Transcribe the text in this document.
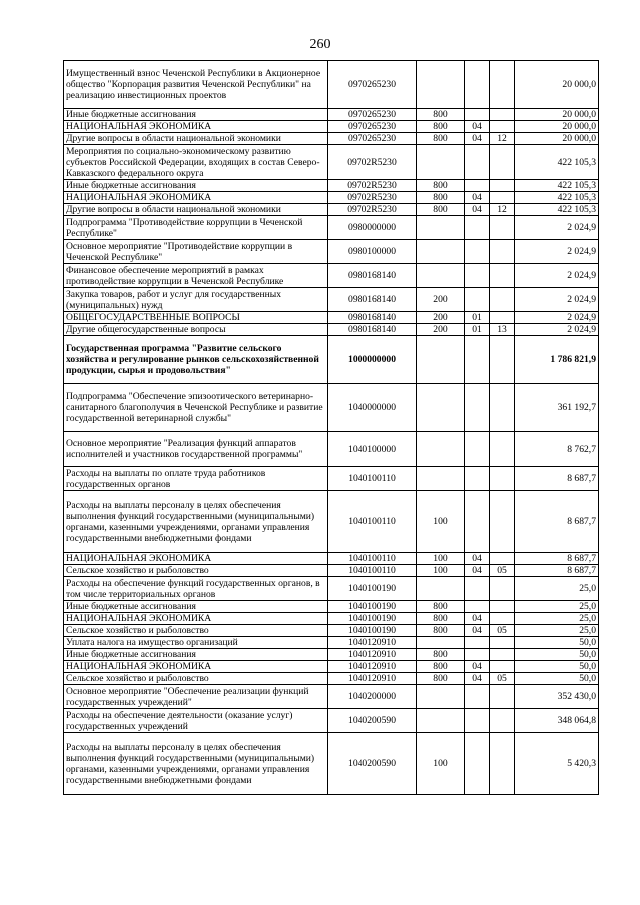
260
Имущественный взнос Чеченской Республики в Акционерное общество "Корпорация развития Чеченской Республики" на реализацию инвестиционных проектов	0970265230				20 000,0
Иные бюджетные ассигнования	0970265230	800			20 000,0
НАЦИОНАЛЬНАЯ ЭКОНОМИКА	0970265230	800	04		20 000,0
Другие вопросы в области национальной экономики	0970265230	800	04	12	20 000,0
Мероприятия по социально-экономическому развитию субъектов Российской Федерации, входящих в состав Северо-Кавказского федерального округа	09702R5230				422 105,3
Иные бюджетные ассигнования	09702R5230	800			422 105,3
НАЦИОНАЛЬНАЯ ЭКОНОМИКА	09702R5230	800	04		422 105,3
Другие вопросы в области национальной экономики	09702R5230	800	04	12	422 105,3
Подпрограмма "Противодействие коррупции в Чеченской Республике"	0980000000				2 024,9
Основное мероприятие "Противодействие коррупции в Чеченской Республике"	0980100000				2 024,9
Финансовое обеспечение мероприятий в рамках противодействие коррупции в Чеченской Республике	0980168140				2 024,9
Закупка товаров, работ и услуг для государственных (муниципальных) нужд	0980168140	200			2 024,9
ОБЩЕГОСУДАРСТВЕННЫЕ ВОПРОСЫ	0980168140	200	01		2 024,9
Другие общегосударственные вопросы	0980168140	200	01	13	2 024,9
Государственная программа "Развитие сельского хозяйства и регулирование рынков сельскохозяйственной продукции, сырья и продовольствия"	1000000000				1 786 821,9
Подпрограмма "Обеспечение эпизоотического ветеринарно-санитарного благополучия в Чеченской Республике и развитие государственной ветеринарной службы"	1040000000				361 192,7
Основное мероприятие "Реализация функций аппаратов исполнителей и участников государственной программы"	1040100000				8 762,7
Расходы на выплаты по оплате труда работников государственных органов	1040100110				8 687,7
Расходы на выплаты персоналу в целях обеспечения выполнения функций государственными (муниципальными) органами, казенными учреждениями, органами управления государственными внебюджетными фондами	1040100110	100			8 687,7
НАЦИОНАЛЬНАЯ ЭКОНОМИКА	1040100110	100	04		8 687,7
Сельское хозяйство и рыболовство	1040100110	100	04	05	8 687,7
Расходы на обеспечение функций государственных органов, в том числе территориальных органов	1040100190				25,0
Иные бюджетные ассигнования	1040100190	800			25,0
НАЦИОНАЛЬНАЯ ЭКОНОМИКА	1040100190	800	04		25,0
Сельское хозяйство и рыболовство	1040100190	800	04	05	25,0
Уплата налога на имущество организаций	1040120910				50,0
Иные бюджетные ассигнования	1040120910	800			50,0
НАЦИОНАЛЬНАЯ ЭКОНОМИКА	1040120910	800	04		50,0
Сельское хозяйство и рыболовство	1040120910	800	04	05	50,0
Основное мероприятие "Обеспечение реализации функций государственных учреждений"	1040200000				352 430,0
Расходы на обеспечение деятельности (оказание услуг) государственных учреждений	1040200590				348 064,8
Расходы на выплаты персоналу в целях обеспечения выполнения функций государственными (муниципальными) органами, казенными учреждениями, органами управления государственными внебюджетными фондами	1040200590	100			5 420,3
